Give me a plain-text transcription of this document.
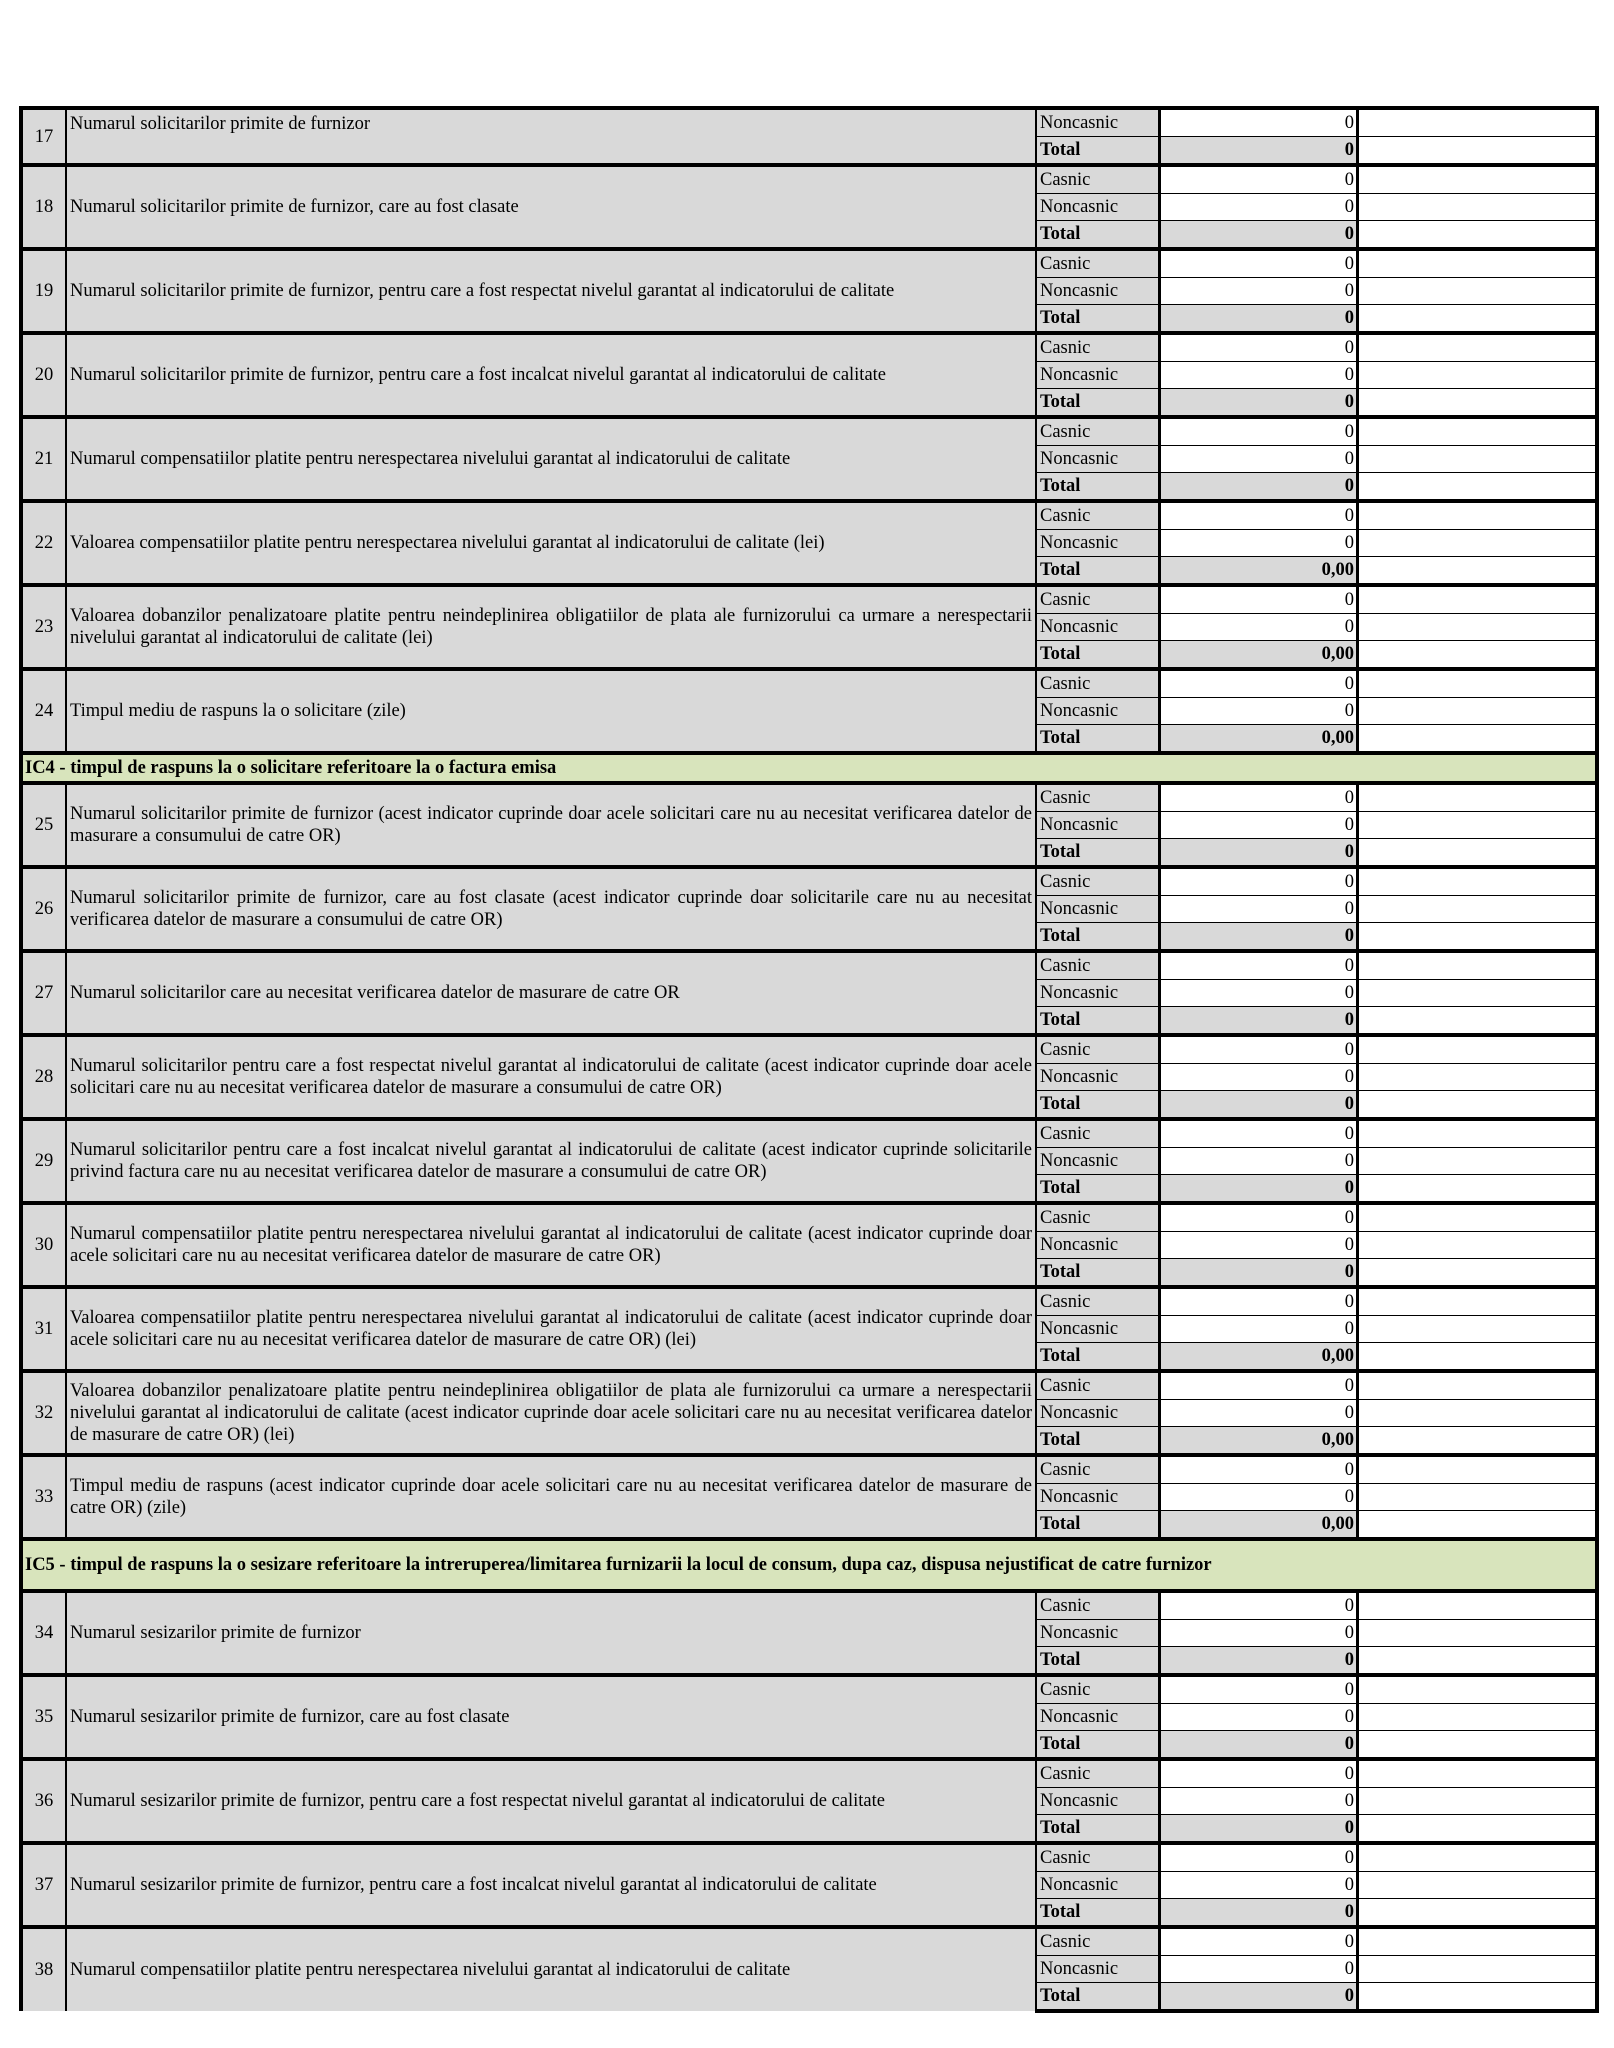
17	Numarul solicitarilor primite de furnizor	Noncasnic	0	
		Total	0	
18	Numarul solicitarilor primite de furnizor, care au fost clasate	Casnic	0	
		Noncasnic	0	
		Total	0	
19	Numarul solicitarilor primite de furnizor, pentru care a fost respectat nivelul garantat al indicatorului de calitate	Casnic	0	
		Noncasnic	0	
		Total	0	
20	Numarul solicitarilor primite de furnizor, pentru care a fost incalcat nivelul garantat al indicatorului de calitate	Casnic	0	
		Noncasnic	0	
		Total	0	
21	Numarul compensatiilor platite pentru nerespectarea nivelului garantat al indicatorului de calitate	Casnic	0	
		Noncasnic	0	
		Total	0	
22	Valoarea compensatiilor platite pentru nerespectarea nivelului garantat al indicatorului de calitate (lei)	Casnic	0	
		Noncasnic	0	
		Total	0,00	
23	Valoarea dobanzilor penalizatoare platite pentru neindeplinirea obligatiilor de plata ale furnizorului ca urmare a nerespectarii nivelului garantat al indicatorului de calitate (lei)	Casnic	0	
		Noncasnic	0	
		Total	0,00	
24	Timpul mediu de raspuns la o solicitare (zile)	Casnic	0	
		Noncasnic	0	
		Total	0,00	
IC4 - timpul de raspuns la o solicitare referitoare la o factura emisa				
25	Numarul solicitarilor primite de furnizor (acest indicator cuprinde doar acele solicitari care nu au necesitat verificarea datelor de masurare a consumului de catre OR)	Casnic	0	
		Noncasnic	0	
		Total	0	
26	Numarul solicitarilor primite de furnizor, care au fost clasate (acest indicator cuprinde doar solicitarile care nu au necesitat verificarea datelor de masurare a consumului de catre OR)	Casnic	0	
		Noncasnic	0	
		Total	0	
27	Numarul solicitarilor care au necesitat verificarea datelor de masurare de catre OR	Casnic	0	
		Noncasnic	0	
		Total	0	
28	Numarul solicitarilor pentru care a fost respectat nivelul garantat al indicatorului de calitate (acest indicator cuprinde doar acele solicitari care nu au necesitat verificarea datelor de masurare a consumului de catre OR)	Casnic	0	
		Noncasnic	0	
		Total	0	
29	Numarul solicitarilor pentru care a fost incalcat nivelul garantat al indicatorului de calitate (acest indicator cuprinde solicitarile privind factura care nu au necesitat verificarea datelor de masurare a consumului de catre OR)	Casnic	0	
		Noncasnic	0	
		Total	0	
30	Numarul compensatiilor platite pentru nerespectarea nivelului garantat al indicatorului de calitate (acest indicator cuprinde doar acele solicitari care nu au necesitat verificarea datelor de masurare de catre OR)	Casnic	0	
		Noncasnic	0	
		Total	0	
31	Valoarea compensatiilor platite pentru nerespectarea nivelului garantat al indicatorului de calitate (acest indicator cuprinde doar acele solicitari care nu au necesitat verificarea datelor de masurare de catre OR) (lei)	Casnic	0	
		Noncasnic	0	
		Total	0,00	
32	Valoarea dobanzilor penalizatoare platite pentru neindeplinirea obligatiilor de plata ale furnizorului ca urmare a nerespectarii nivelului garantat al indicatorului de calitate (acest indicator cuprinde doar acele solicitari care nu au necesitat verificarea datelor de masurare de catre OR) (lei)	Casnic	0	
		Noncasnic	0	
		Total	0,00	
33	Timpul mediu de raspuns (acest indicator cuprinde doar acele solicitari care nu au necesitat verificarea datelor de masurare de catre OR) (zile)	Casnic	0	
		Noncasnic	0	
		Total	0,00	
IC5 - timpul de raspuns la o sesizare referitoare la intreruperea/limitarea furnizarii la locul de consum, dupa caz, dispusa nejustificat de catre furnizor				
34	Numarul sesizarilor primite de furnizor	Casnic	0	
		Noncasnic	0	
		Total	0	
35	Numarul sesizarilor primite de furnizor, care au fost clasate	Casnic	0	
		Noncasnic	0	
		Total	0	
36	Numarul sesizarilor primite de furnizor, pentru care a fost respectat nivelul garantat al indicatorului de calitate	Casnic	0	
		Noncasnic	0	
		Total	0	
37	Numarul sesizarilor primite de furnizor, pentru care a fost incalcat nivelul garantat al indicatorului de calitate	Casnic	0	
		Noncasnic	0	
		Total	0	
38	Numarul compensatiilor platite pentru nerespectarea nivelului garantat al indicatorului de calitate	Casnic	0	
		Noncasnic	0	
		Total	0	
